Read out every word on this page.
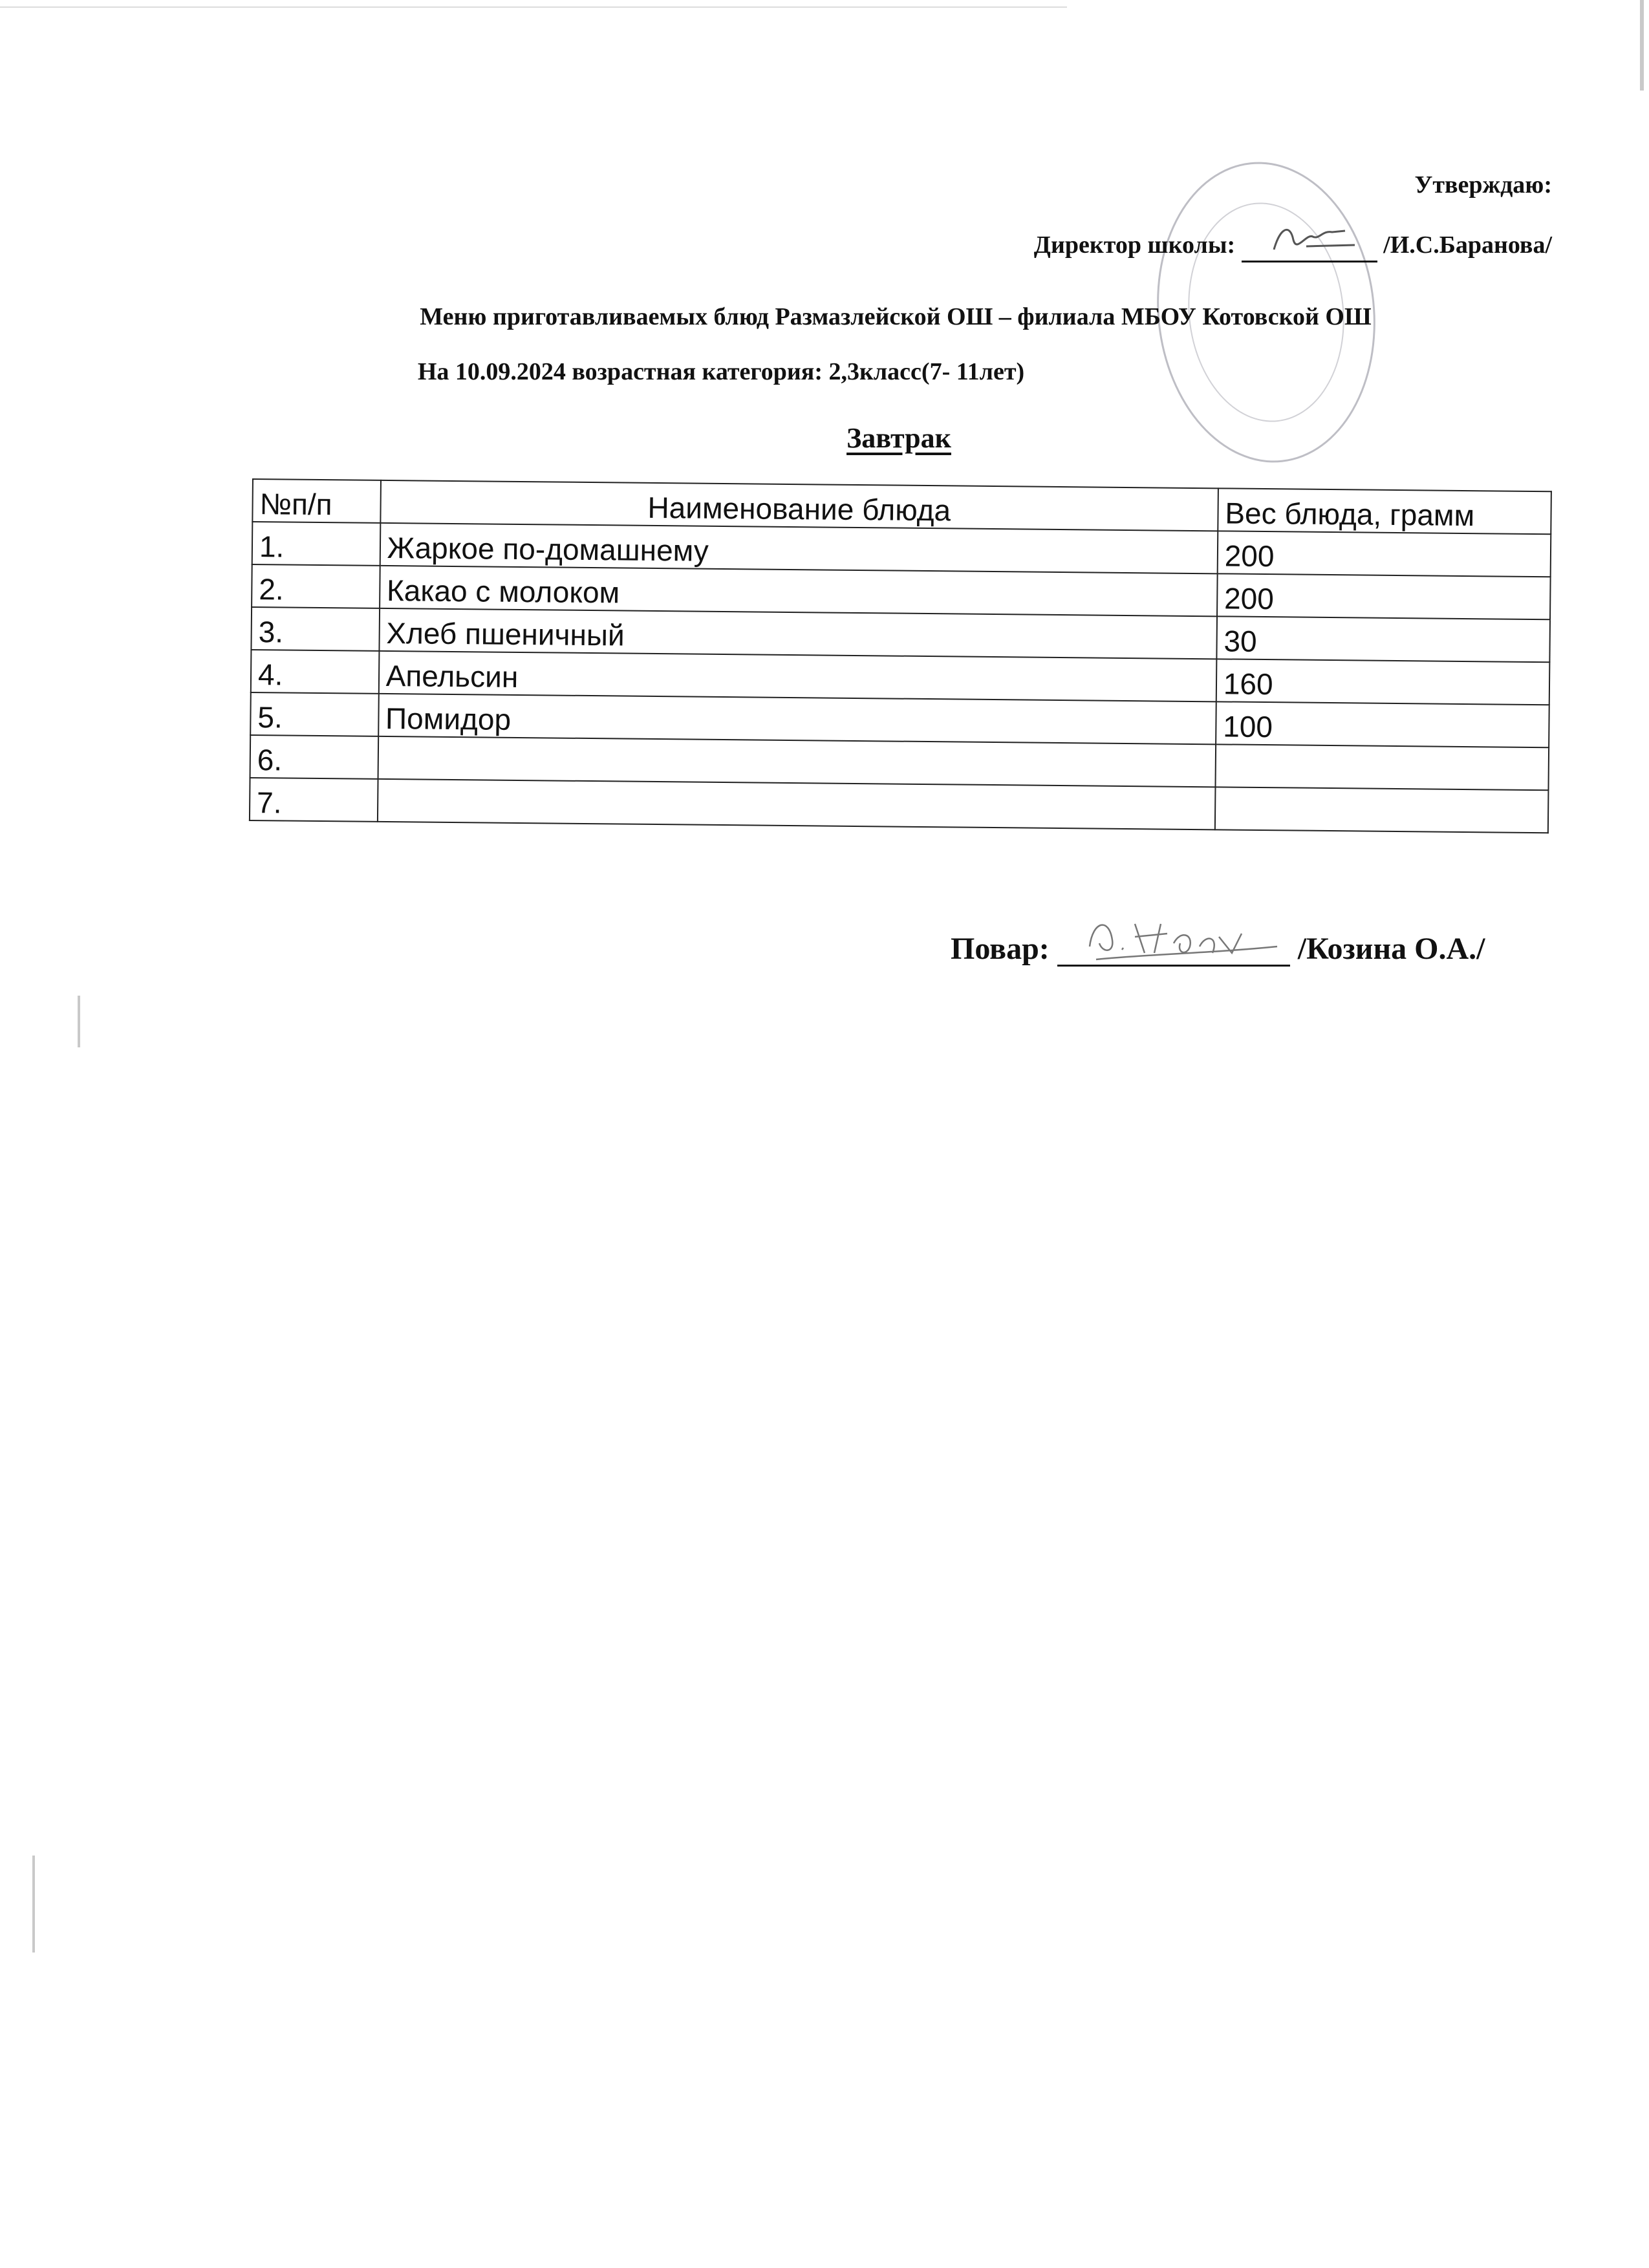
Утверждаю:
Директор школы:	/И.С.Баранова/
Меню приготавливаемых блюд Размазлейской ОШ – филиала МБОУ Котовской ОШ
На 10.09.2024 возрастная категория: 2,3класс(7- 11лет)
Завтрак
№п/п	Наименование блюда	Вес блюда, грамм
1.	Жаркое по-домашнему	200
2.	Какао с молоком	200
3.	Хлеб пшеничный	30
4.	Апельсин	160
5.	Помидор	100
6.		
7.		
Повар:	/Козина О.А./
